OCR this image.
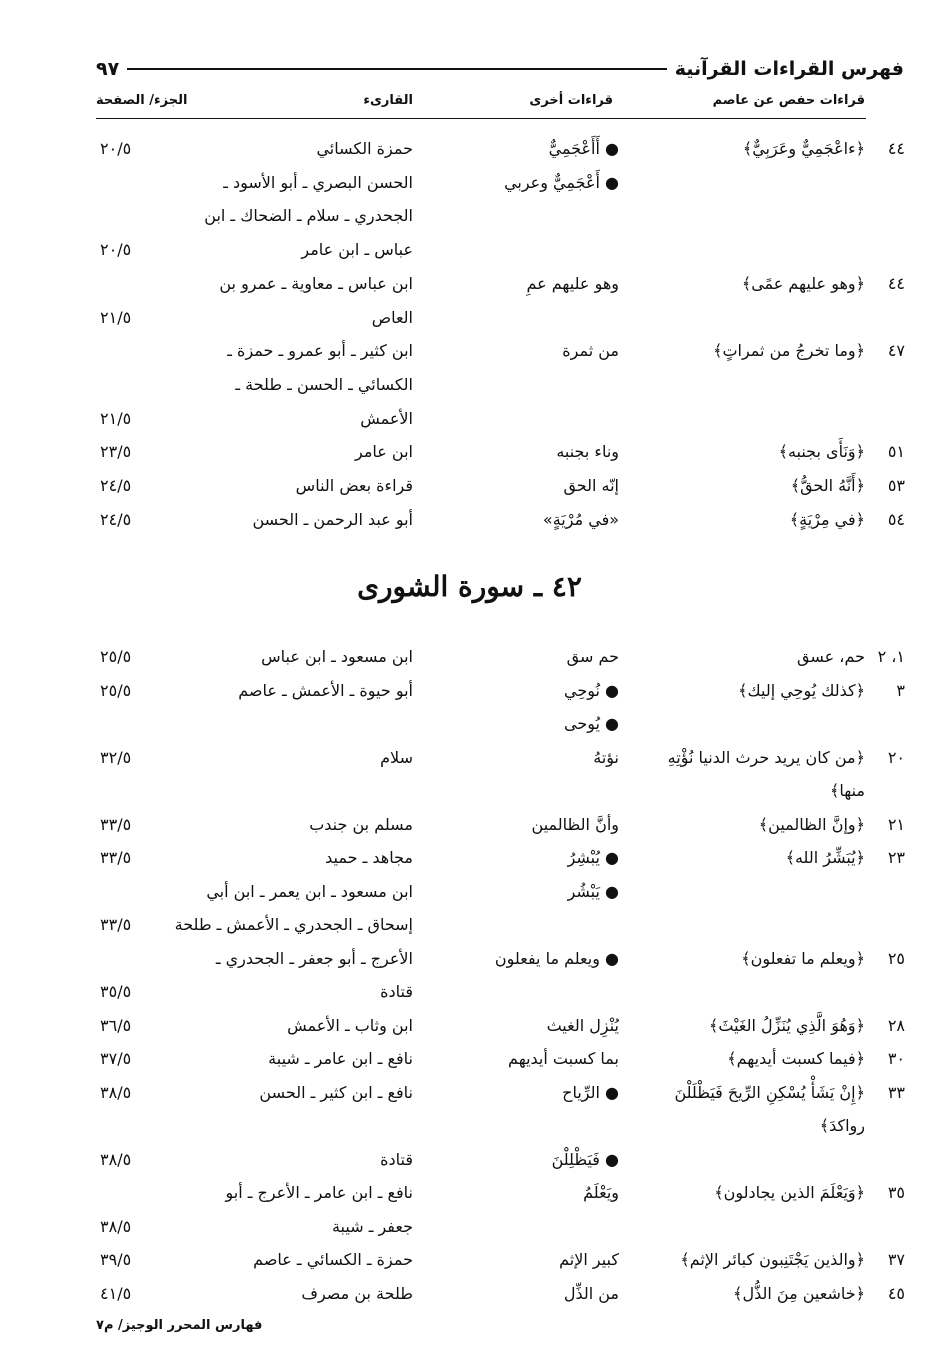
٩٧	فهرس القراءات القرآنية
قراءات حفص عن عاصم
قراءات أخرى
القارىء
الجزء/ الصفحة
٤٤
﴿ءاعْجَمِيٌّ وعَرَبِيٌّ﴾
● أَأَعْجَمِيٌّ
حمزة الكسائي
٢٠/٥
● أَعْجَمِيٌّ وعربي
الحسن البصري ـ أبو الأسود ـ
الجحدري ـ سلام ـ الضحاك ـ ابن
عباس ـ ابن عامر
٢٠/٥
٤٤
﴿وهو عليهم عمًى﴾
وهو عليهم عمِ
ابن عباس ـ معاوية ـ عمرو بن
العاص
٢١/٥
٤٧
﴿وما تخرجُ من ثمراتٍ﴾
من ثمرة
ابن كثير ـ أبو عمرو ـ حمزة ـ
الكسائي ـ الحسن ـ طلحة ـ
الأعمش
٢١/٥
٥١
﴿وَنَأَى بجنبه﴾
وناء بجنبه
ابن عامر
٢٣/٥
٥٣
﴿أَنَّهُ الحقُّ﴾
إنّه الحق
قراءة بعض الناس
٢٤/٥
٥٤
﴿في مِرْيَةٍ﴾
«في مُرْيَةٍ»
أبو عبد الرحمن ـ الحسن
٢٤/٥
٤٢ ـ سورة الشورى
١، ٢
حم، عسق
حم سق
ابن مسعود ـ ابن عباس
٢٥/٥
٣
﴿كذلك يُوحِي إليك﴾
● نُوحِي
أبو حيوة ـ الأعمش ـ عاصم
٢٥/٥
● يُوحى
٢٠
﴿من كان يريد حرث الدنيا نُؤْتِهِ
نؤتهُ
سلام
٣٢/٥
منها﴾
٢١
﴿وإنَّ الظالمين﴾
وأنَّ الظالمين
مسلم بن جندب
٣٣/٥
٢٣
﴿يُبَشِّرُ الله﴾
● يُبْشِرُ
مجاهد ـ حميد
٣٣/٥
● يَبْشُر
ابن مسعود ـ ابن يعمر ـ ابن أبي
إسحاق ـ الجحدري ـ الأعمش ـ طلحة
٣٣/٥
٢٥
﴿ويعلم ما تفعلون﴾
● ويعلم ما يفعلون
الأعرج ـ أبو جعفر ـ الجحدري ـ
قتادة
٣٥/٥
٢٨
﴿وَهُوَ الَّذِي يُنَزِّلُ الغَيْثَ﴾
يُنْزِل الغيث
ابن وثاب ـ الأعمش
٣٦/٥
٣٠
﴿فيما كسبت أيديهم﴾
بما كسبت أيديهم
نافع ـ ابن عامر ـ شيبة
٣٧/٥
٣٣
﴿إِنْ يَشَأْ يُسْكِنِ الرِّيحَ فَيَظْلَلْنَ
● الرِّياح
نافع ـ ابن كثير ـ الحسن
٣٨/٥
رواكدَ﴾
● فَيَظْلِلْنَ
قتادة
٣٨/٥
٣٥
﴿وَيَعْلَمَ الذين يجادلون﴾
ويَعْلَمُ
نافع ـ ابن عامر ـ الأعرج ـ أبو
جعفر ـ شيبة
٣٨/٥
٣٧
﴿والذين يَجْتَنِبون كبائر الإثم﴾
كبير الإثم
حمزة ـ الكسائي ـ عاصم
٣٩/٥
٤٥
﴿خاشعين مِنَ الذُّل﴾
من الذِّل
طلحة بن مصرف
٤١/٥
فهارس المحرر الوجيز/ م٧
